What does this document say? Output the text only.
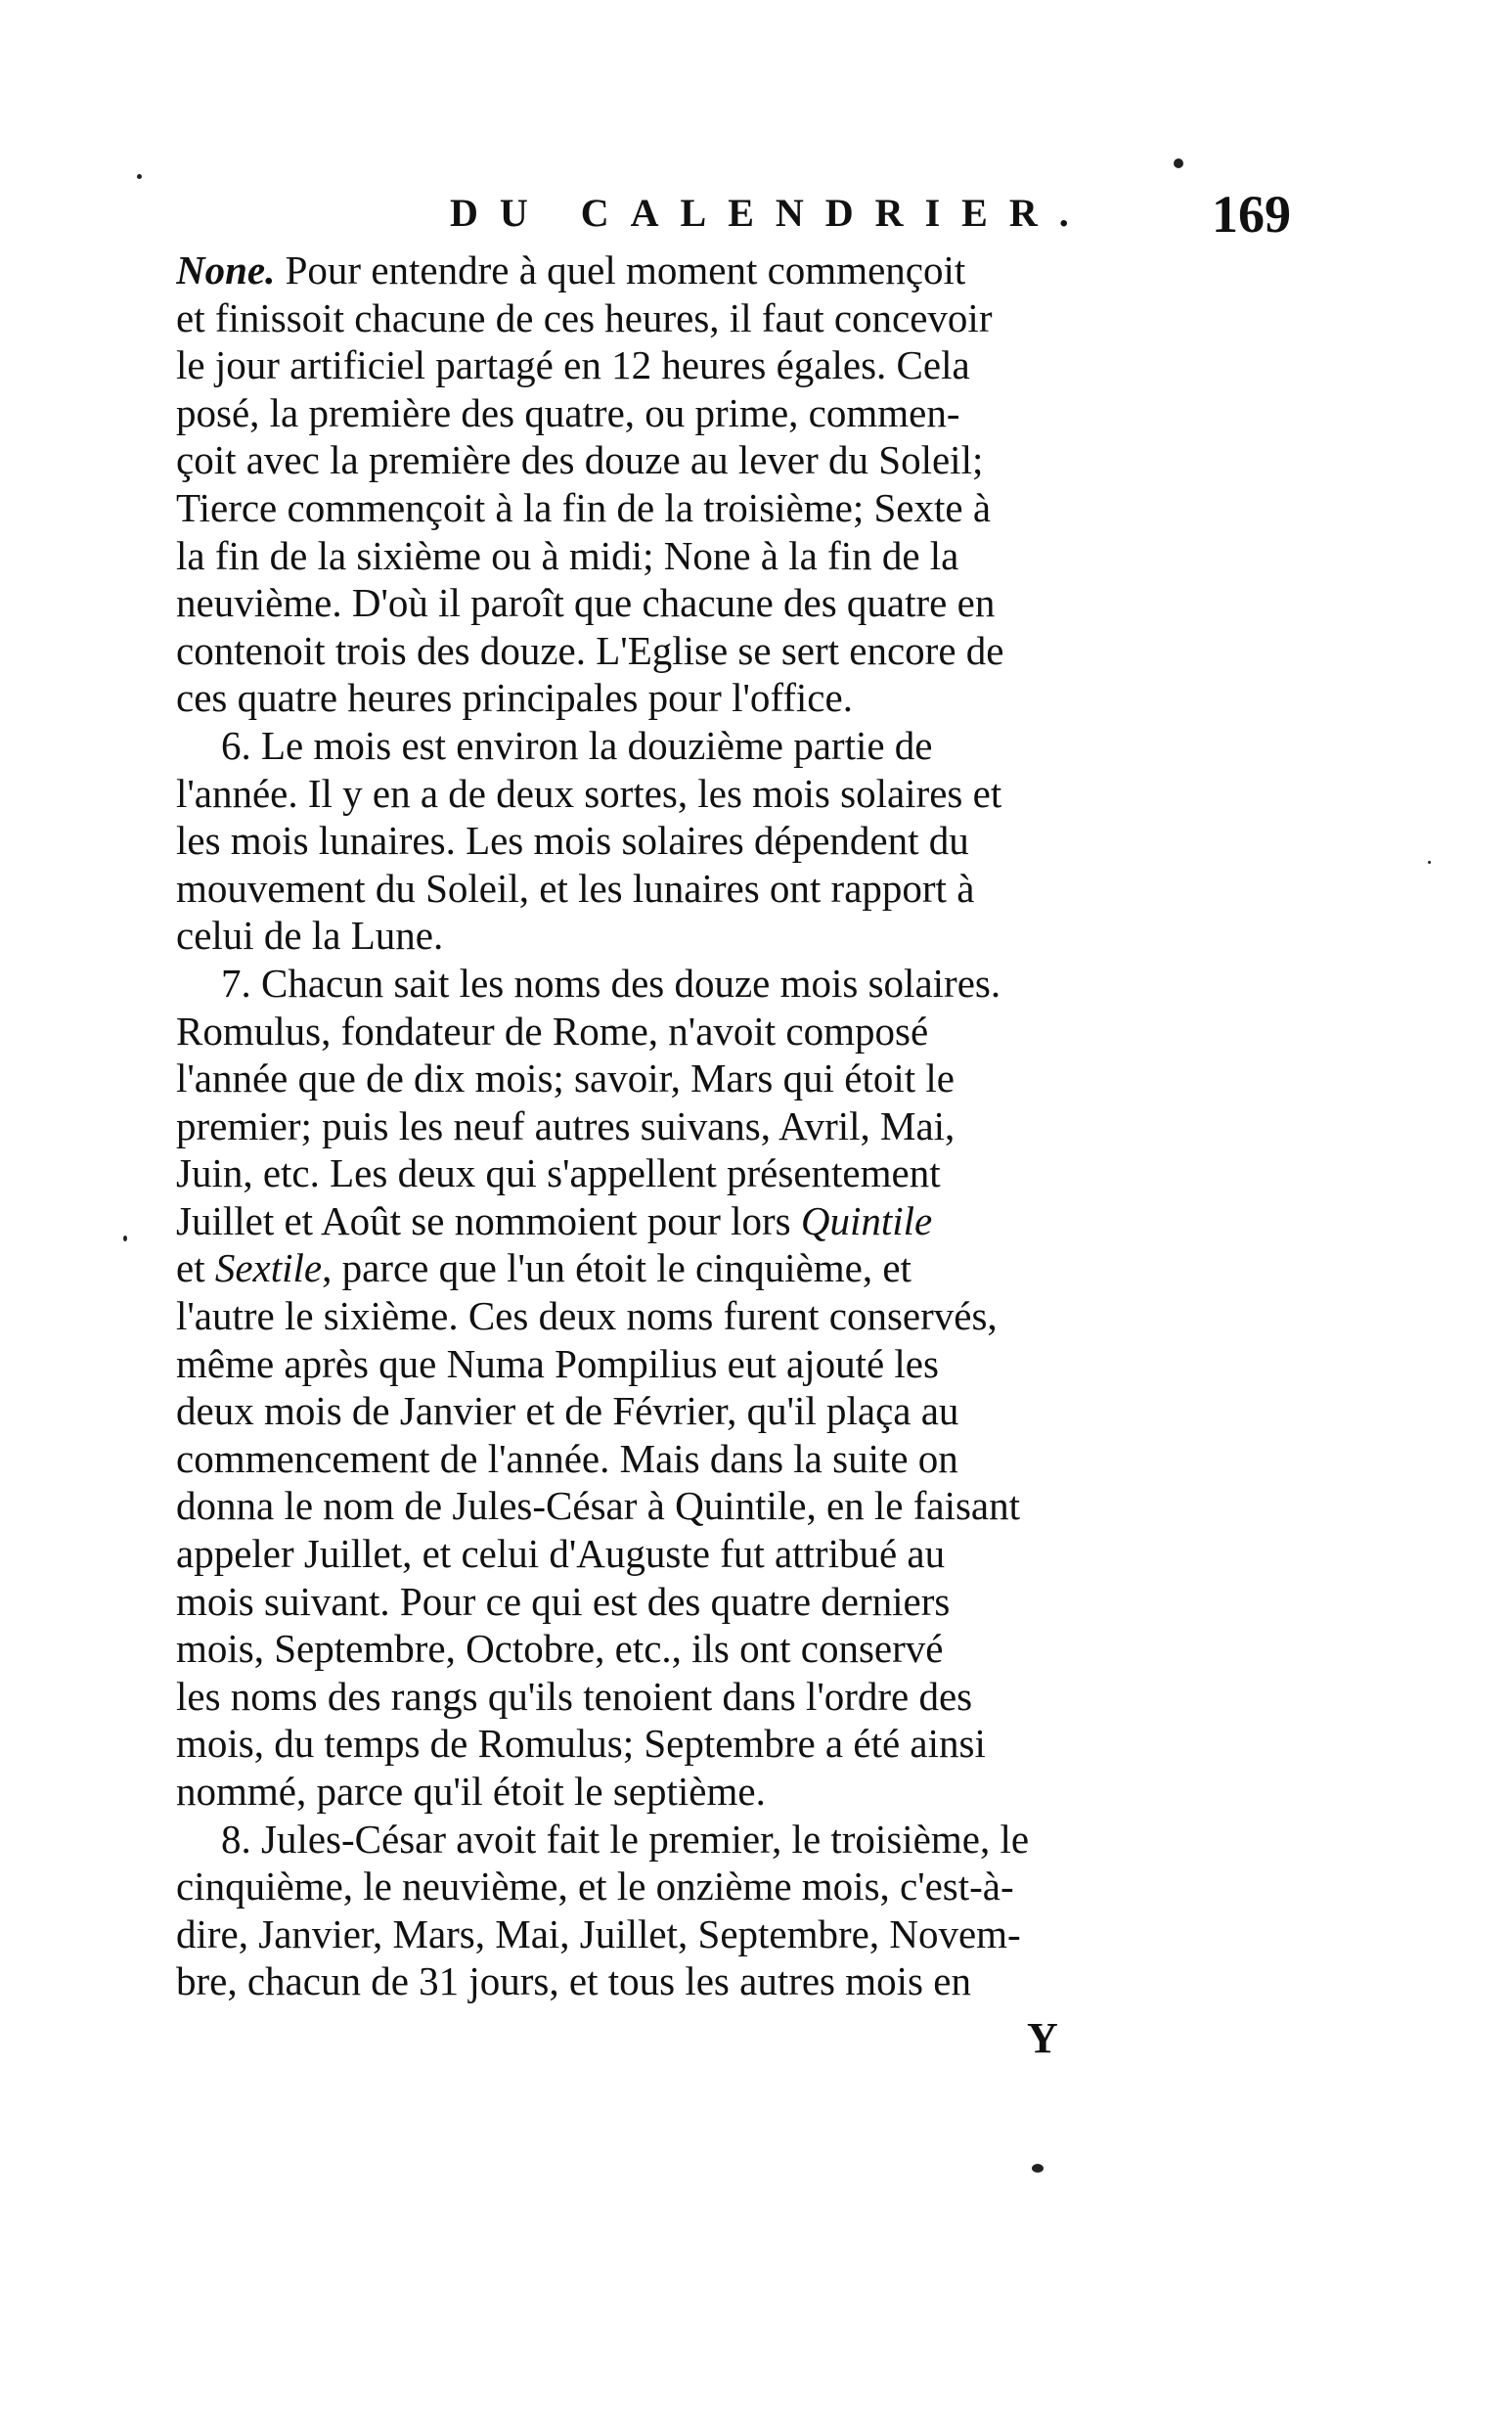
DU CALENDRIER. 169
None. Pour entendre à quel moment commençoit
et finissoit chacune de ces heures, il faut concevoir
le jour artificiel partagé en 12 heures égales. Cela
posé, la première des quatre, ou prime, commen-
çoit avec la première des douze au lever du Soleil;
Tierce commençoit à la fin de la troisième; Sexte à
la fin de la sixième ou à midi; None à la fin de la
neuvième. D'où il paroît que chacune des quatre en
contenoit trois des douze. L'Eglise se sert encore de
ces quatre heures principales pour l'office.
6. Le mois est environ la douzième partie de
l'année. Il y en a de deux sortes, les mois solaires et
les mois lunaires. Les mois solaires dépendent du
mouvement du Soleil, et les lunaires ont rapport à
celui de la Lune.
7. Chacun sait les noms des douze mois solaires.
Romulus, fondateur de Rome, n'avoit composé
l'année que de dix mois; savoir, Mars qui étoit le
premier; puis les neuf autres suivans, Avril, Mai,
Juin, etc. Les deux qui s'appellent présentement
Juillet et Août se nommoient pour lors Quintile
et Sextile, parce que l'un étoit le cinquième, et
l'autre le sixième. Ces deux noms furent conservés,
même après que Numa Pompilius eut ajouté les
deux mois de Janvier et de Février, qu'il plaça au
commencement de l'année. Mais dans la suite on
donna le nom de Jules-César à Quintile, en le faisant
appeler Juillet, et celui d'Auguste fut attribué au
mois suivant. Pour ce qui est des quatre derniers
mois, Septembre, Octobre, etc., ils ont conservé
les noms des rangs qu'ils tenoient dans l'ordre des
mois, du temps de Romulus; Septembre a été ainsi
nommé, parce qu'il étoit le septième.
8. Jules-César avoit fait le premier, le troisième, le
cinquième, le neuvième, et le onzième mois, c'est-à-
dire, Janvier, Mars, Mai, Juillet, Septembre, Novem-
bre, chacun de 31 jours, et tous les autres mois en
Y
